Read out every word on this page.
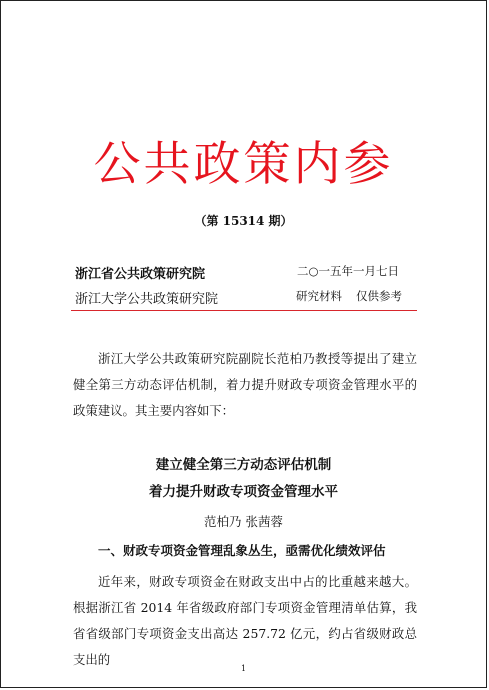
公共政策内参
（第 15314 期）
浙江省公共政策研究院	二○一五年一月七日
浙江大学公共政策研究院	研究材料 仅供参考
浙江大学公共政策研究院副院长范柏乃教授等提出了建立健全第三方动态评估机制，着力提升财政专项资金管理水平的政策建议。其主要内容如下：
建立健全第三方动态评估机制
着力提升财政专项资金管理水平
范柏乃 张茜蓉
一、财政专项资金管理乱象丛生，亟需优化绩效评估
近年来，财政专项资金在财政支出中占的比重越来越大。根据浙江省 2014 年省级政府部门专项资金管理清单估算，我省省级部门专项资金支出高达 257.72 亿元，约占省级财政总支出的
1
